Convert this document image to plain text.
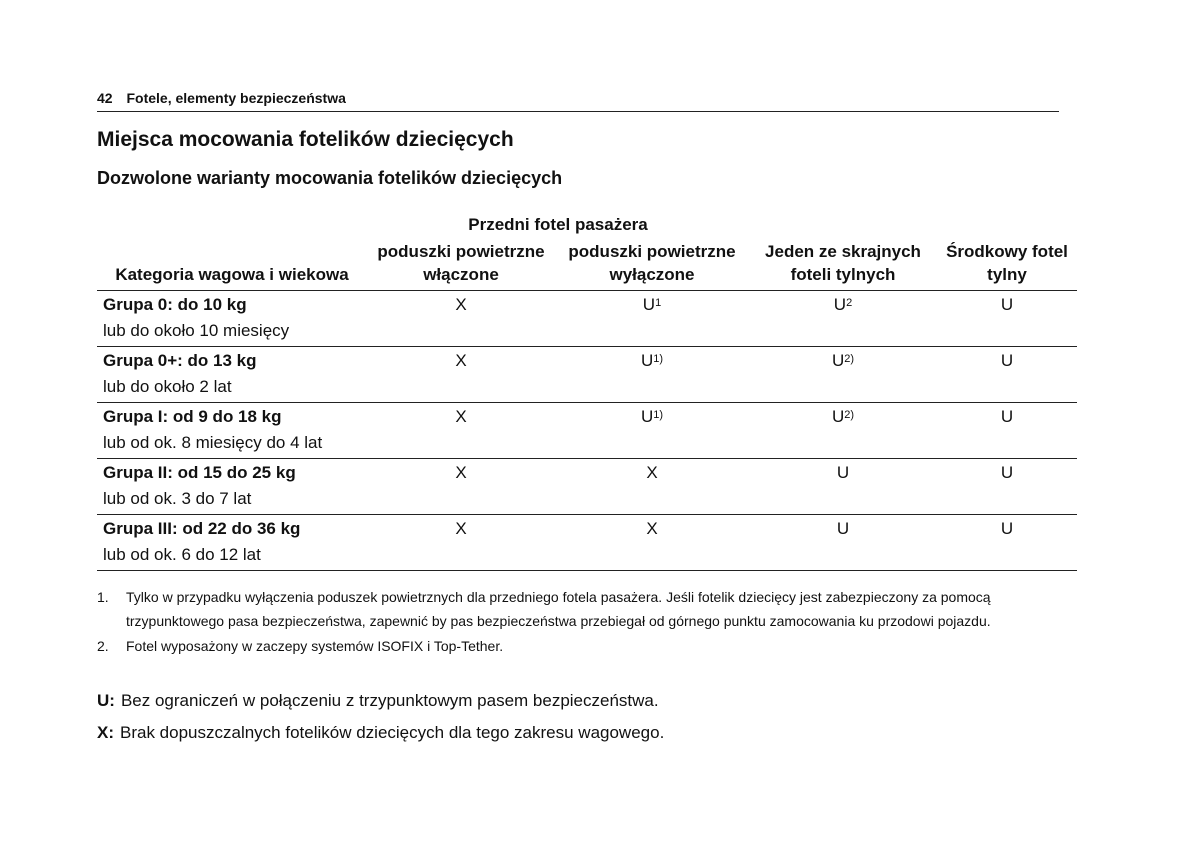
42 Fotele, elementy bezpieczeństwa
Miejsca mocowania fotelików dziecięcych
Dozwolone warianty mocowania fotelików dziecięcych
	Przedni fotel pasażera			
Kategoria wagowa i wiekowa	poduszki powietrzne włączone	poduszki powietrzne wyłączone	Jeden ze skrajnych foteli tylnych	Środkowy fotel tylny
Grupa 0: do 10 kg	X	$U^1$	$U^2$	U
lub do około 10 miesięcy				
Grupa 0+: do 13 kg	X	$U^{1)}$	$U^{2)}$	U
lub do około 2 lat				
Grupa I: od 9 do 18 kg	X	$U^{1)}$	$U^{2)}$	U
lub od ok. 8 miesięcy do 4 lat				
Grupa II: od 15 do 25 kg	X	X	U	U
lub od ok. 3 do 7 lat				
Grupa III: od 22 do 36 kg	X	X	U	U
lub od ok. 6 do 12 lat				
1.	Tylko w przypadku wyłączenia poduszek powietrznych dla przedniego fotela pasażera. Jeśli fotelik dziecięcy jest zabezpieczony za pomocą trzypunktowego pasa bezpieczeństwa, zapewnić by pas bezpieczeństwa przebiegał od górnego punktu zamocowania ku przodowi pojazdu.
2.	Fotel wyposażony w zaczepy systemów ISOFIX i Top-Tether.
U: Bez ograniczeń w połączeniu z trzypunktowym pasem bezpieczeństwa.
X: Brak dopuszczalnych fotelików dziecięcych dla tego zakresu wagowego.
